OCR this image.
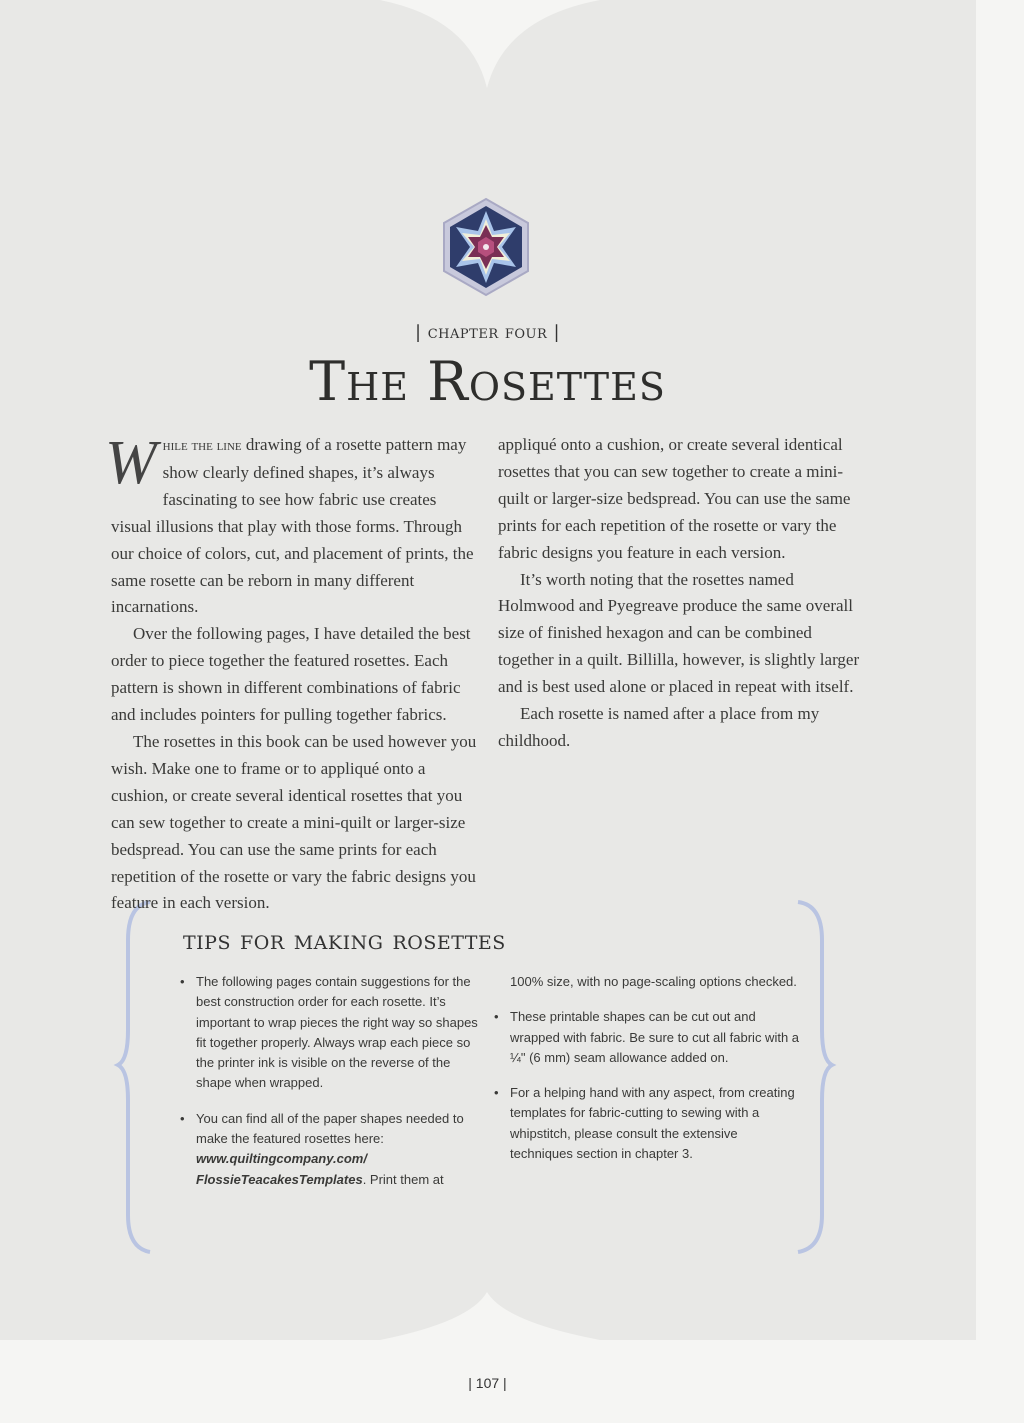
| chapter four |
The Rosettes

While the line drawing of a rosette pattern may show clearly defined shapes, it’s always fascinating to see how fabric use creates visual illusions that play with those forms. Through our choice of colors, cut, and placement of prints, the same rosette can be reborn in many different incarnations.

Over the following pages, I have detailed the best order to piece together the featured rosettes. Each pattern is shown in different combinations of fabric and includes pointers for pulling together fabrics.

The rosettes in this book can be used however you wish. Make one to frame or to appliqué onto a cushion, or create several identical rosettes that you can sew together to create a mini-quilt or larger-size bedspread. You can use the same prints for each repetition of the rosette or vary the fabric designs you feature in each version.

appliqué onto a cushion, or create several identical rosettes that you can sew together to create a mini-quilt or larger-size bedspread. You can use the same prints for each repetition of the rosette or vary the fabric designs you feature in each version.

It’s worth noting that the rosettes named Holmwood and Pyegreave produce the same overall size of finished hexagon and can be combined together in a quilt. Billilla, however, is slightly larger and is best used alone or placed in repeat with itself.

Each rosette is named after a place from my childhood.

tips for making rosettes
• The following pages contain suggestions for the best construction order for each rosette. It’s important to wrap pieces the right way so shapes fit together properly. Always wrap each piece so the printer ink is visible on the reverse of the shape when wrapped.
• You can find all of the paper shapes needed to make the featured rosettes here: www.quiltingcompany.com/ FlossieTeacakesTemplates. Print them at
100% size, with no page-scaling options checked.
• These printable shapes can be cut out and wrapped with fabric. Be sure to cut all fabric with a ¼" (6 mm) seam allowance added on.
• For a helping hand with any aspect, from creating templates for fabric-cutting to sewing with a whipstitch, please consult the extensive techniques section in chapter 3.
| 107 |
